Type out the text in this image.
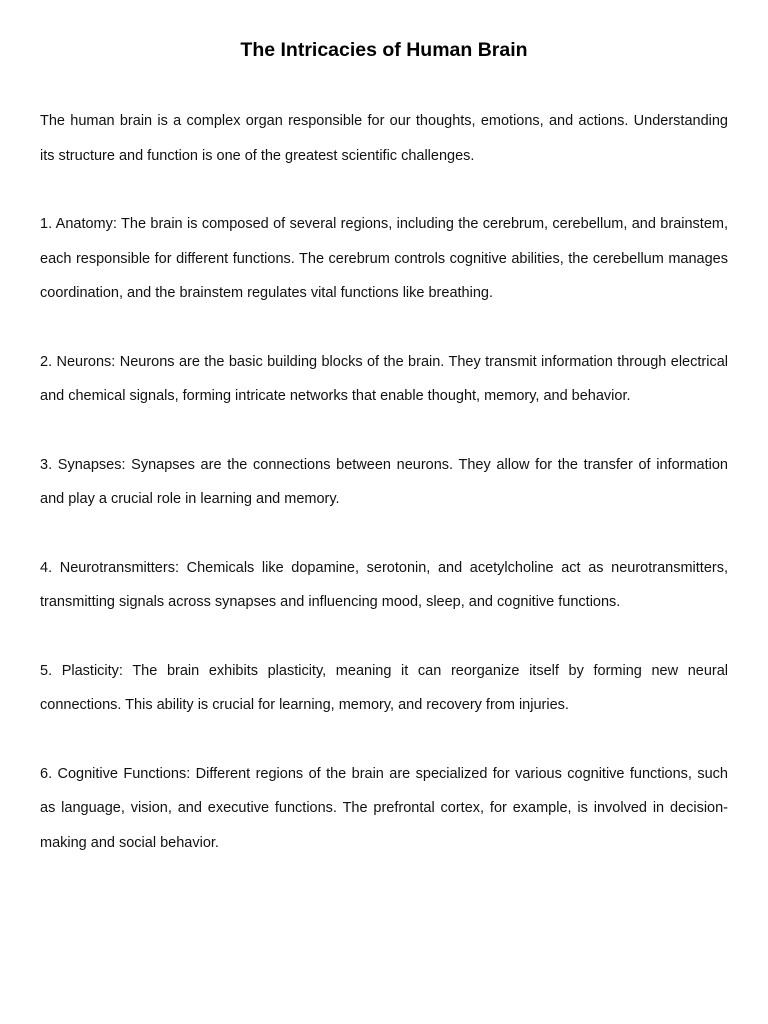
The Intricacies of Human Brain

The human brain is a complex organ responsible for our thoughts, emotions, and actions. Understanding its structure and function is one of the greatest scientific challenges.

1. Anatomy: The brain is composed of several regions, including the cerebrum, cerebellum, and brainstem, each responsible for different functions. The cerebrum controls cognitive abilities, the cerebellum manages coordination, and the brainstem regulates vital functions like breathing.

2. Neurons: Neurons are the basic building blocks of the brain. They transmit information through electrical and chemical signals, forming intricate networks that enable thought, memory, and behavior.

3. Synapses: Synapses are the connections between neurons. They allow for the transfer of information and play a crucial role in learning and memory.

4. Neurotransmitters: Chemicals like dopamine, serotonin, and acetylcholine act as neurotransmitters, transmitting signals across synapses and influencing mood, sleep, and cognitive functions.

5. Plasticity: The brain exhibits plasticity, meaning it can reorganize itself by forming new neural connections. This ability is crucial for learning, memory, and recovery from injuries.

6. Cognitive Functions: Different regions of the brain are specialized for various cognitive functions, such as language, vision, and executive functions. The prefrontal cortex, for example, is involved in decision-making and social behavior.
